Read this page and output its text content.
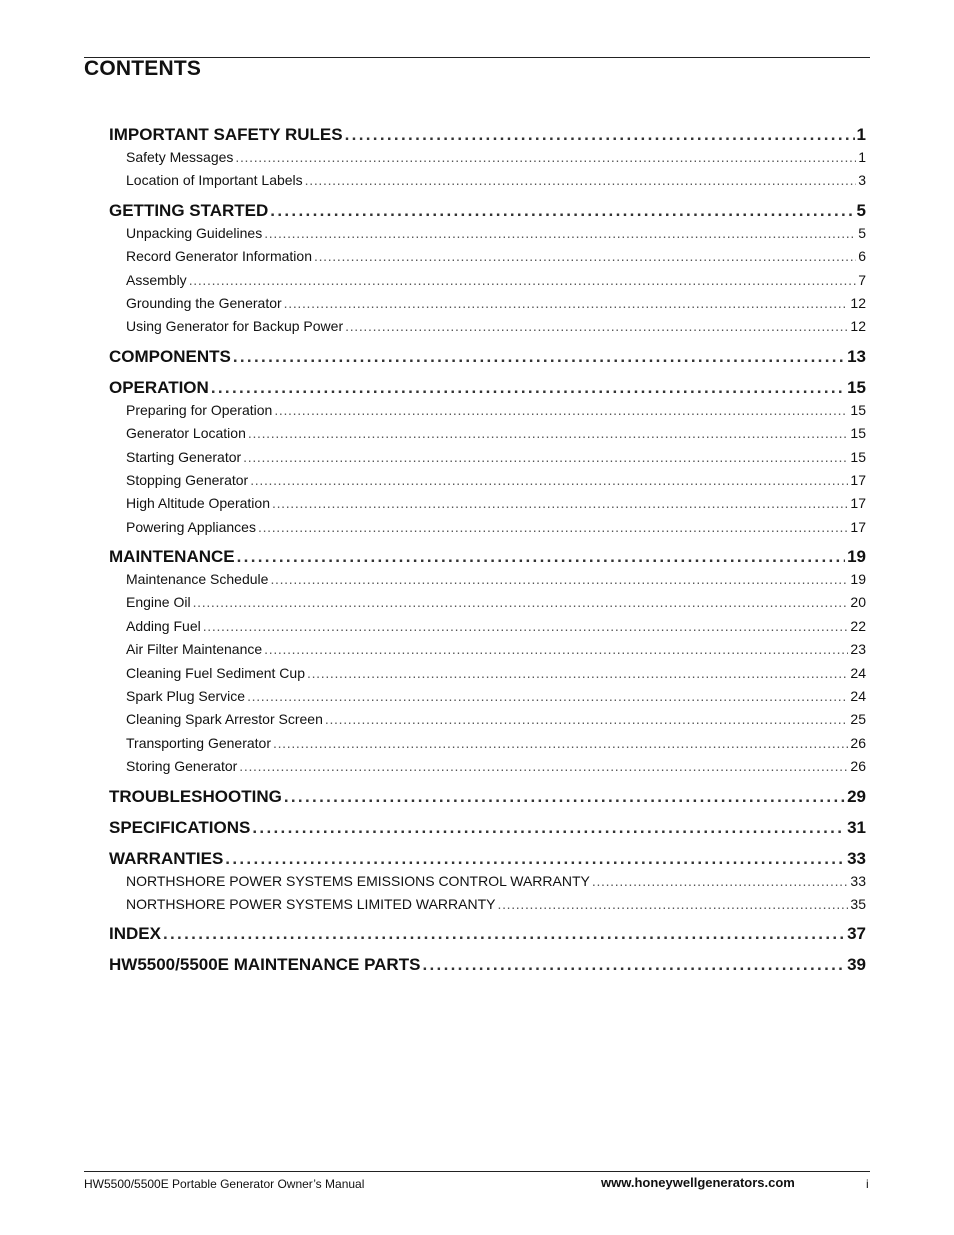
CONTENTS
IMPORTANT SAFETY RULES . . .	1
Safety Messages . . .	1
Location of Important Labels . . .	3
GETTING STARTED . . .	5
Unpacking Guidelines . . .	5
Record Generator Information . . .	6
Assembly . . .	7
Grounding the Generator . . .	12
Using Generator for Backup Power . . .	12
COMPONENTS . . .	13
OPERATION . . .	15
Preparing for Operation . . .	15
Generator Location . . .	15
Starting Generator . . .	15
Stopping Generator . . .	17
High Altitude Operation . . .	17
Powering Appliances . . .	17
MAINTENANCE . . .	19
Maintenance Schedule . . .	19
Engine Oil . . .	20
Adding Fuel . . .	22
Air Filter Maintenance . . .	23
Cleaning Fuel Sediment Cup . . .	24
Spark Plug Service . . .	24
Cleaning Spark Arrestor Screen . . .	25
Transporting Generator . . .	26
Storing Generator . . .	26
TROUBLESHOOTING . . .	29
SPECIFICATIONS . . .	31
WARRANTIES . . .	33
NORTHSHORE POWER SYSTEMS EMISSIONS CONTROL WARRANTY . . .	33
NORTHSHORE POWER SYSTEMS LIMITED WARRANTY . . .	35
INDEX . . .	37
HW5500/5500E MAINTENANCE PARTS . . .	39
HW5500/5500E Portable Generator Owner’s Manual	www.honeywellgenerators.com	i
